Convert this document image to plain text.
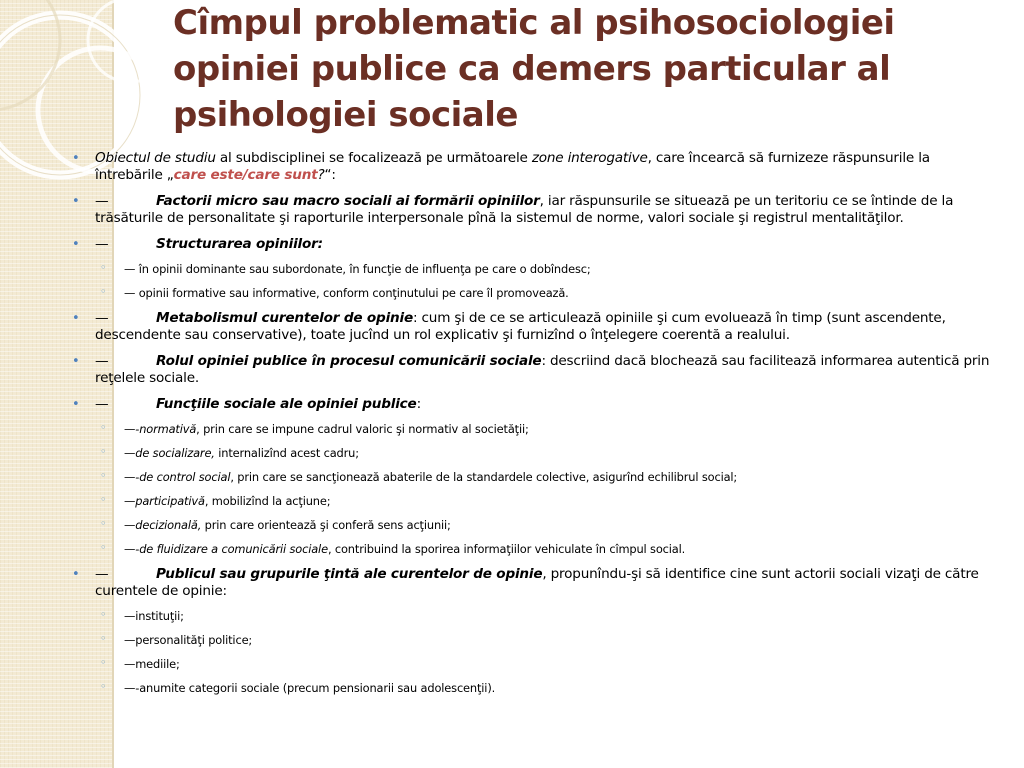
Cîmpul problematic al psihosociologiei opiniei publice ca demers particular al psihologiei sociale
• Obiectul de studiu al subdisciplinei se focalizează pe următoarele zone interogative, care încearcă să furnizeze răspunsurile la întrebările „care este/care sunt?“:
• —	Factorii micro sau macro sociali ai formării opiniilor, iar răspunsurile se situează pe un teritoriu ce se întinde de la trăsăturile de personalitate şi raporturile interpersonale pînă la sistemul de norme, valori sociale şi registrul mentalităţilor.
• —	Structurarea opiniilor:
◦ — în opinii dominante sau subordonate, în funcţie de influenţa pe care o dobîndesc;
◦ — opinii formative sau informative, conform conţinutului pe care îl promovează.
• —	Metabolismul curentelor de opinie: cum şi de ce se articulează opiniile şi cum evoluează în timp (sunt ascendente, descendente sau conservative), toate jucînd un rol explicativ şi furnizînd o înţelegere coerentă a realului.
• —	Rolul opiniei publice în procesul comunicării sociale: descriind dacă blochează sau facilitează informarea autentică prin reţelele sociale.
• —	Funcţiile sociale ale opiniei publice:
◦ —-normativă, prin care se impune cadrul valoric şi normativ al societăţii;
◦ —de socializare, internalizînd acest cadru;
◦ —-de control social, prin care se sancţionează abaterile de la standardele colective, asigurînd echilibrul social;
◦ —participativă, mobilizînd la acţiune;
◦ —decizională, prin care orientează şi conferă sens acţiunii;
◦ —-de fluidizare a comunicării sociale, contribuind la sporirea informaţiilor vehiculate în cîmpul social.
• —	Publicul sau grupurile ţintă ale curentelor de opinie, propunîndu-şi să identifice cine sunt actorii sociali vizaţi de către curentele de opinie:
◦ —instituţii;
◦ —personalităţi politice;
◦ —mediile;
◦ —-anumite categorii sociale (precum pensionarii sau adolescenţii).
